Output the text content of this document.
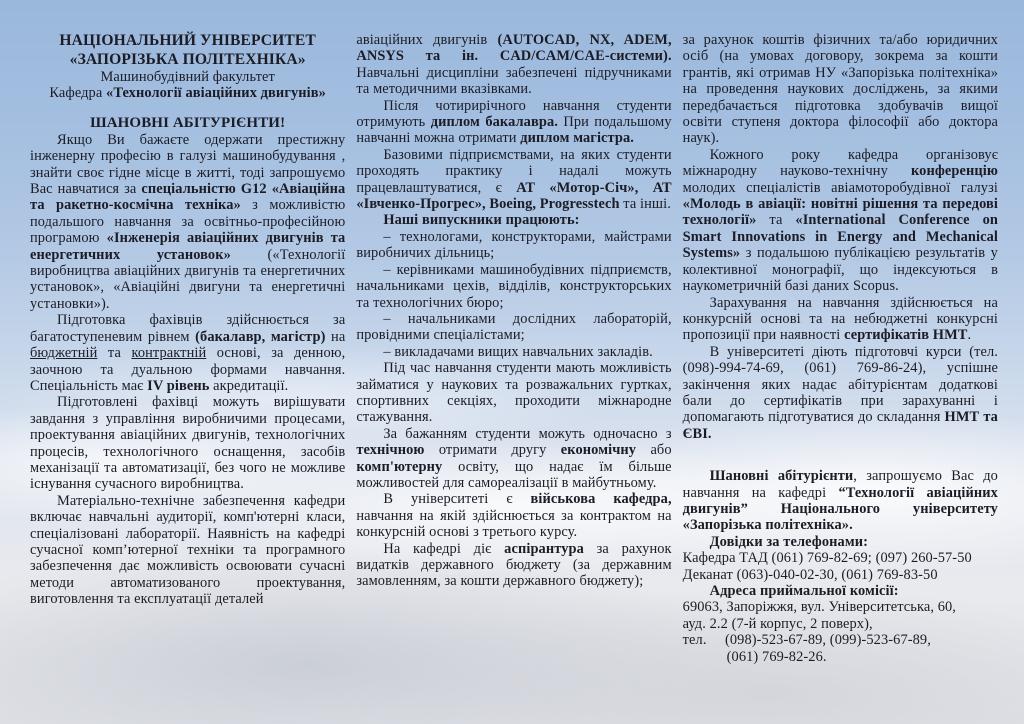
НАЦІОНАЛЬНИЙ УНІВЕРСИТЕТ
«ЗАПОРІЗЬКА ПОЛІТЕХНІКА»
Машинобудівний факультет
Кафедра «Технології авіаційних двигунів»
ШАНОВНІ АБІТУРІЄНТИ!
Якщо Ви бажаєте одержати престижну інженерну професію в галузі машинобудування , знайти своє гідне місце в житті, тоді запрошуємо Вас навчатися за спеціальністю G12 «Авіаційна та ракетно-космічна техніка» з можливістю подальшого навчання за освітньо-професійною програмою «Інженерія авіаційних двигунів та енергетичних установок» («Технології виробництва авіаційних двигунів та енергетичних установок», «Авіаційні двигуни та енергетичні установки»).
Підготовка фахівців здійснюється за багатоступеневим рівнем (бакалавр, магістр) на бюджетній та контрактній основі, за денною, заочною та дуальною формами навчання. Спеціальність має IV рівень акредитації.
Підготовлені фахівці можуть вирішувати завдання з управління виробничими процесами, проектування авіаційних двигунів, технологічних процесів, технологічного оснащення, засобів механізації та автоматизації, без чого не можливе існування сучасного виробництва.
Матеріально-технічне забезпечення кафедри включає навчальні аудиторії, комп'ютерні класи, спеціалізовані лабораторії. Наявність на кафедрі сучасної комп’ютерної техніки та програмного забезпечення дає можливість освоювати сучасні методи автоматизованого проектування, виготовлення та експлуатації деталей
авіаційних двигунів (AUTOCAD, NX, ADEM, ANSYS та ін. CAD/CAM/CAE-системи). Навчальні дисципліни забезпечені підручниками та методичними вказівками.
Після чотирирічного навчання студенти отримують диплом бакалавра. При подальшому навчанні можна отримати диплом магістра.
Базовими підприємствами, на яких студенти проходять практику і надалі можуть працевлаштуватися, є АТ «Мотор-Січ», АТ «Івченко-Прогрес», Boeing, Progresstech та інші.
Наші випускники працюють:
– технологами, конструкторами, майстрами виробничих дільниць;
– керівниками машинобудівних підприємств, начальниками цехів, відділів, конструкторських та технологічних бюро;
– начальниками дослідних лабораторій, провідними спеціалістами;
– викладачами вищих навчальних закладів.
Під час навчання студенти мають можливість займатися у наукових та розважальних гуртках, спортивних секціях, проходити міжнародне стажування.
За бажанням студенти можуть одночасно з технічною отримати другу економічну або комп'ютерну освіту, що надає їм більше можливостей для самореалізації в майбутньому.
В університеті є військова кафедра, навчання на якій здійснюється за контрактом на конкурсній основі з третього курсу.
На кафедрі діє аспірантура за рахунок видатків державного бюджету (за державним замовленням, за кошти державного бюджету);
за рахунок коштів фізичних та/або юридичних осіб (на умовах договору, зокрема за кошти грантів, які отримав НУ «Запорізька політехніка» на проведення наукових досліджень, за якими передбачається підготовка здобувачів вищої освіти ступеня доктора філософії або доктора наук).
Кожного року кафедра організовує міжнародну науково-технічну конференцію молодих спеціалістів авіамоторобудівної галузі «Молодь в авіації: новітні рішення та передові технології» та «International Conference on Smart Innovations in Energy and Mechanical Systems» з подальшою публікацією результатів у колективної монографії, що індексуються в наукометричній базі даних Scopus.
Зарахування на навчання здійснюється на конкурсній основі та на небюджетні конкурсні пропозиції при наявності сертифікатів НМТ.
В університеті діють підготовчі курси (тел. (098)-994-74-69, (061) 769-86-24), успішне закінчення яких надає абітурієнтам додаткові бали до сертифікатів при зарахуванні і допомагають підготуватися до складання НМТ та ЄВІ.
Шановні абітурієнти, запрошуємо Вас до навчання на кафедрі “Технології авіаційних двигунів” Національного університету «Запорізька політехніка».
Довідки за телефонами:
Кафедра ТАД (061) 769-82-69; (097) 260-57-50
Деканат (063)-040-02-30, (061) 769-83-50
Адреса приймальної комісії:
69063, Запоріжжя, вул. Університетська, 60,
ауд. 2.2 (7-й корпус, 2 поверх),
тел.     (098)-523-67-89, (099)-523-67-89,
(061) 769-82-26.
